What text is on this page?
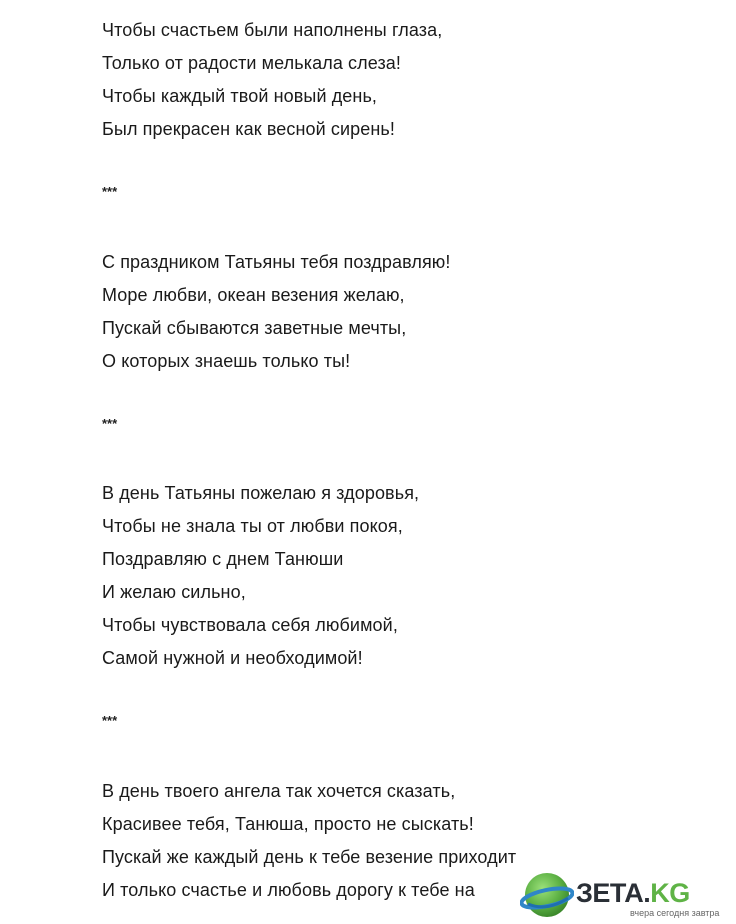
Чтобы счастьем были наполнены глаза,
Только от радости мелькала слеза!
Чтобы каждый твой новый день,
Был прекрасен как весной сирень!
***
С праздником Татьяны тебя поздравляю!
Море любви, океан везения желаю,
Пускай сбываются заветные мечты,
О которых знаешь только ты!
***
В день Татьяны пожелаю я здоровья,
Чтобы не знала ты от любви покоя,
Поздравляю с днем Танюши
И желаю сильно,
Чтобы чувствовала себя любимой,
Самой нужной и необходимой!
***
В день твоего ангела так хочется сказать,
Красивее тебя, Танюша, просто не сыскать!
Пускай же каждый день к тебе везение приходит
И только счастье и любовь дорогу к тебе на	ЗЕТА.KG
вчера сегодня завтра
